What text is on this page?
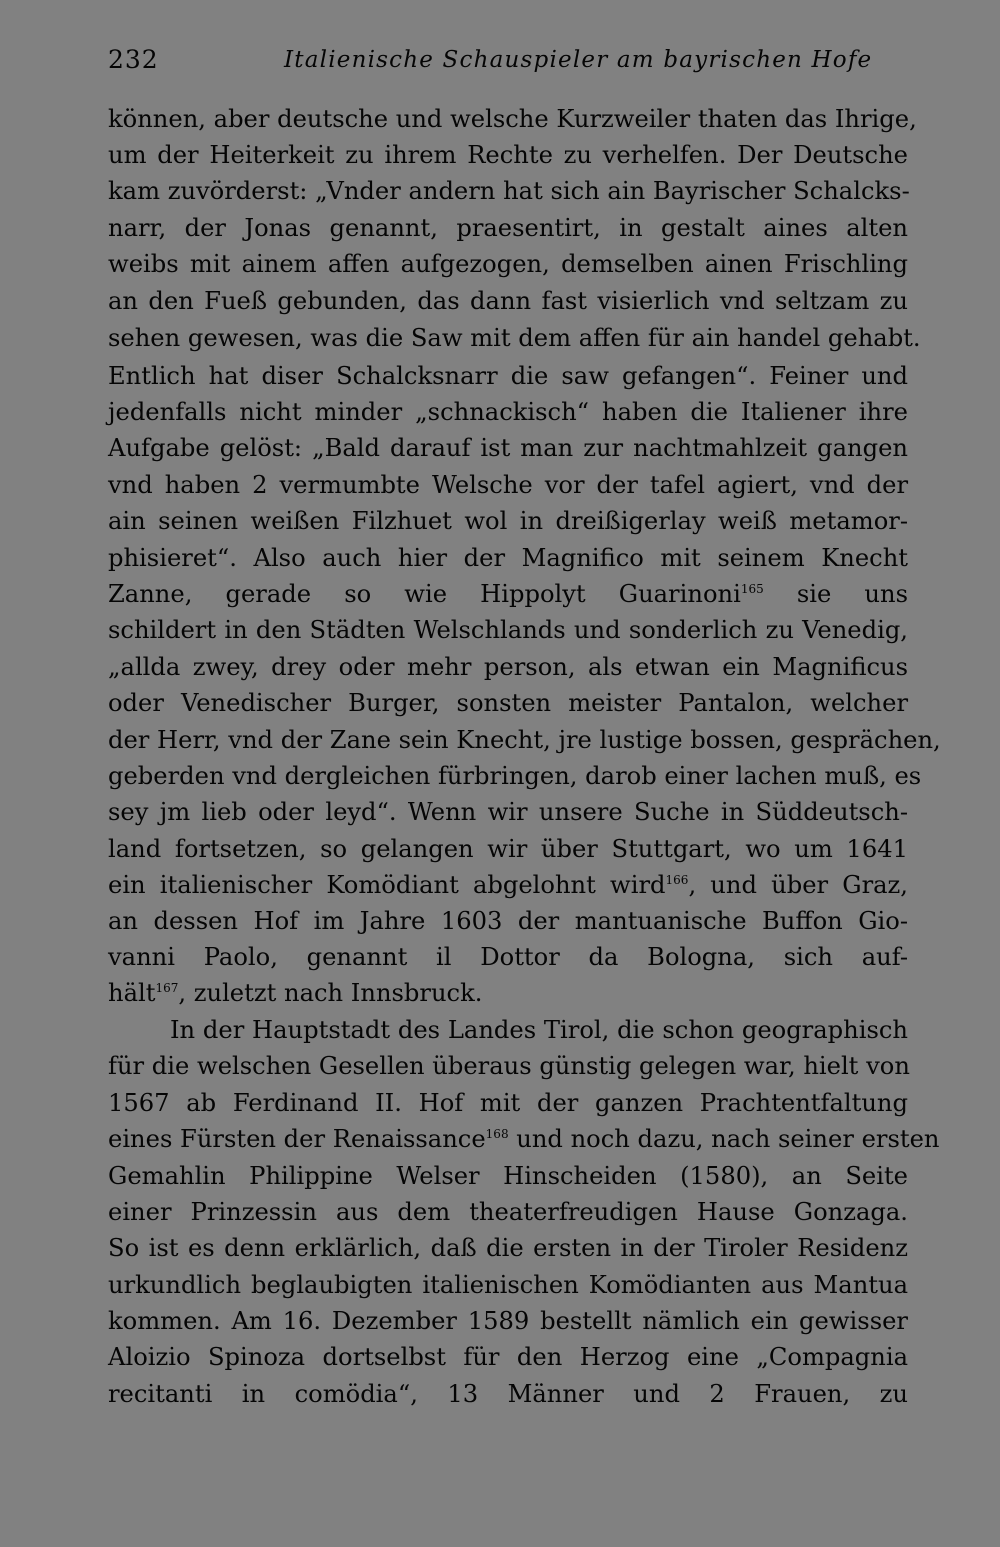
232	Italienische Schauspieler am bayrischen Hofe
können, aber deutsche und welsche Kurzweiler thaten das Ihrige,
um der Heiterkeit zu ihrem Rechte zu verhelfen. Der Deutsche
kam zuvörderst: „Vnder andern hat sich ain Bayrischer Schalcks-
narr, der Jonas genannt, praesentirt, in gestalt aines alten
weibs mit ainem affen aufgezogen, demselben ainen Frischling
an den Fueß gebunden, das dann fast visierlich vnd seltzam zu
sehen gewesen, was die Saw mit dem affen für ain handel gehabt.
Entlich hat diser Schalcksnarr die saw gefangen“. Feiner und
jedenfalls nicht minder „schnackisch“ haben die Italiener ihre
Aufgabe gelöst: „Bald darauf ist man zur nachtmahlzeit gangen
vnd haben 2 vermumbte Welsche vor der tafel agiert, vnd der
ain seinen weißen Filzhuet wol in dreißigerlay weiß metamor-
phisieret“. Also auch hier der Magnifico mit seinem Knecht
Zanne, gerade so wie Hippolyt Guarinoni$^{165}$ sie uns
schildert in den Städten Welschlands und sonderlich zu Venedig,
„allda zwey, drey oder mehr person, als etwan ein Magnificus
oder Venedischer Burger, sonsten meister Pantalon, welcher
der Herr, vnd der Zane sein Knecht, jre lustige bossen, gesprächen,
geberden vnd dergleichen fürbringen, darob einer lachen muß, es
sey jm lieb oder leyd“. Wenn wir unsere Suche in Süddeutsch-
land fortsetzen, so gelangen wir über Stuttgart, wo um 1641
ein italienischer Komödiant abgelohnt wird$^{166}$, und über Graz,
an dessen Hof im Jahre 1603 der mantuanische Buffon Gio-
vanni Paolo, genannt il Dottor da Bologna, sich auf-
hält$^{167}$, zuletzt nach Innsbruck.
In der Hauptstadt des Landes Tirol, die schon geographisch
für die welschen Gesellen überaus günstig gelegen war, hielt von
1567 ab Ferdinand II. Hof mit der ganzen Prachtentfaltung
eines Fürsten der Renaissance$^{168}$ und noch dazu, nach seiner ersten
Gemahlin Philippine Welser Hinscheiden (1580), an Seite
einer Prinzessin aus dem theaterfreudigen Hause Gonzaga.
So ist es denn erklärlich, daß die ersten in der Tiroler Residenz
urkundlich beglaubigten italienischen Komödianten aus Mantua
kommen. Am 16. Dezember 1589 bestellt nämlich ein gewisser
Aloizio Spinoza dortselbst für den Herzog eine „Compagnia
recitanti in comödia“, 13 Männer und 2 Frauen, zu
